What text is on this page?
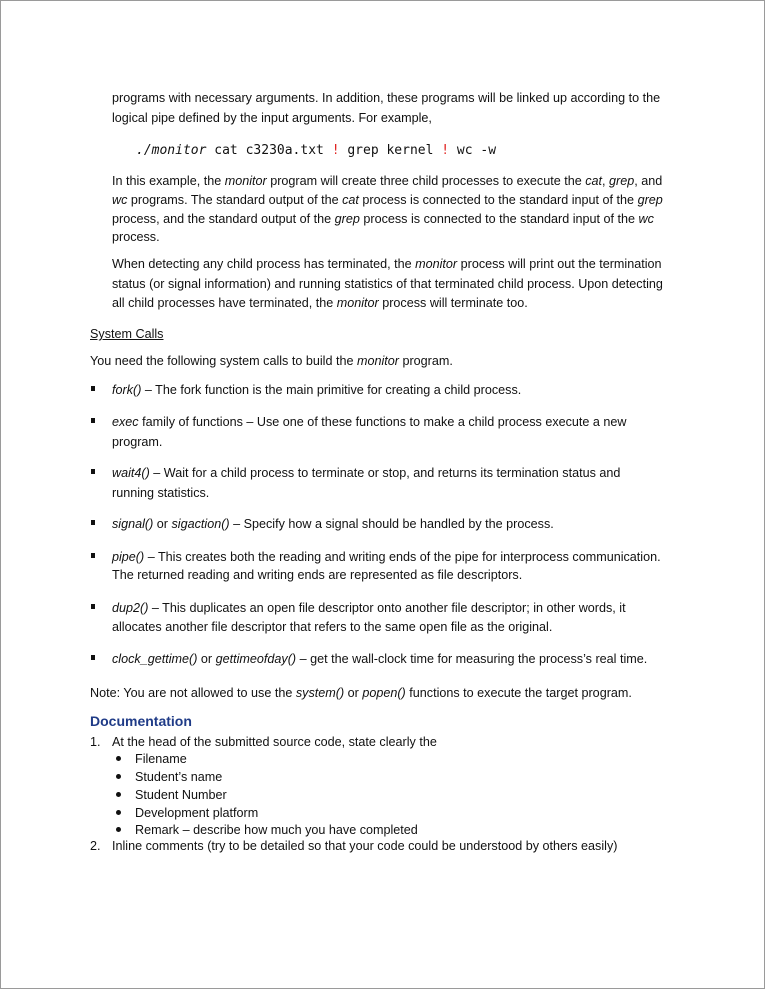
programs with necessary arguments. In addition, these programs will be linked up according to the
logical pipe defined by the input arguments. For example,
./monitor cat c3230a.txt ! grep kernel ! wc -w
In this example, the monitor program will create three child processes to execute the cat, grep, and
wc programs. The standard output of the cat process is connected to the standard input of the grep
process, and the standard output of the grep process is connected to the standard input of the wc
process.
When detecting any child process has terminated, the monitor process will print out the termination
status (or signal information) and running statistics of that terminated child process. Upon detecting
all child processes have terminated, the monitor process will terminate too.
System Calls
You need the following system calls to build the monitor program.
fork() – The fork function is the main primitive for creating a child process.
exec family of functions – Use one of these functions to make a child process execute a new
program.
wait4() – Wait for a child process to terminate or stop, and returns its termination status and
running statistics.
signal() or sigaction() – Specify how a signal should be handled by the process.
pipe() – This creates both the reading and writing ends of the pipe for interprocess communication.
The returned reading and writing ends are represented as file descriptors.
dup2() – This duplicates an open file descriptor onto another file descriptor; in other words, it
allocates another file descriptor that refers to the same open file as the original.
clock_gettime() or gettimeofday() – get the wall-clock time for measuring the process’s real time.
Note: You are not allowed to use the system() or popen() functions to execute the target program.
Documentation
1. At the head of the submitted source code, state clearly the
Filename
Student’s name
Student Number
Development platform
Remark – describe how much you have completed
2. Inline comments (try to be detailed so that your code could be understood by others easily)
